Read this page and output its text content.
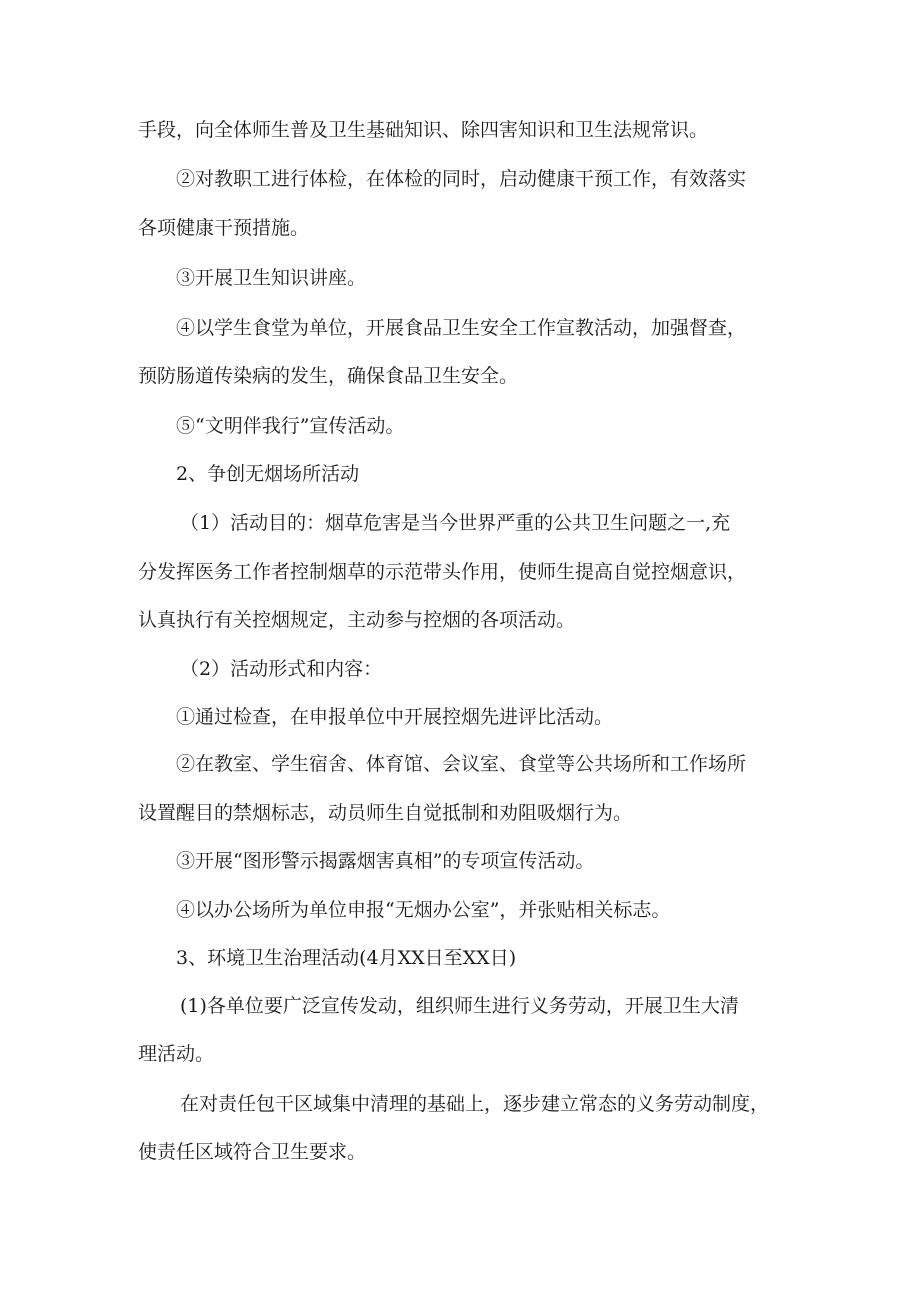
手段，向全体师生普及卫生基础知识、除四害知识和卫生法规常识。
②对教职工进行体检，在体检的同时，启动健康干预工作，有效落实
各项健康干预措施。
③开展卫生知识讲座。
④以学生食堂为单位，开展食品卫生安全工作宣教活动，加强督查，
预防肠道传染病的发生，确保食品卫生安全。
⑤“文明伴我行”宣传活动。
2、争创无烟场所活动
（1）活动目的：烟草危害是当今世界严重的公共卫生问题之一,充
分发挥医务工作者控制烟草的示范带头作用，使师生提高自觉控烟意识，
认真执行有关控烟规定，主动参与控烟的各项活动。
（2）活动形式和内容：
①通过检查，在申报单位中开展控烟先进评比活动。
②在教室、学生宿舍、体育馆、会议室、食堂等公共场所和工作场所
设置醒目的禁烟标志，动员师生自觉抵制和劝阻吸烟行为。
③开展“图形警示揭露烟害真相”的专项宣传活动。
④以办公场所为单位申报“无烟办公室”，并张贴相关标志。
3、环境卫生治理活动(4月XX日至XX日)
(1)各单位要广泛宣传发动，组织师生进行义务劳动，开展卫生大清
理活动。
在对责任包干区域集中清理的基础上，逐步建立常态的义务劳动制度，
使责任区域符合卫生要求。
